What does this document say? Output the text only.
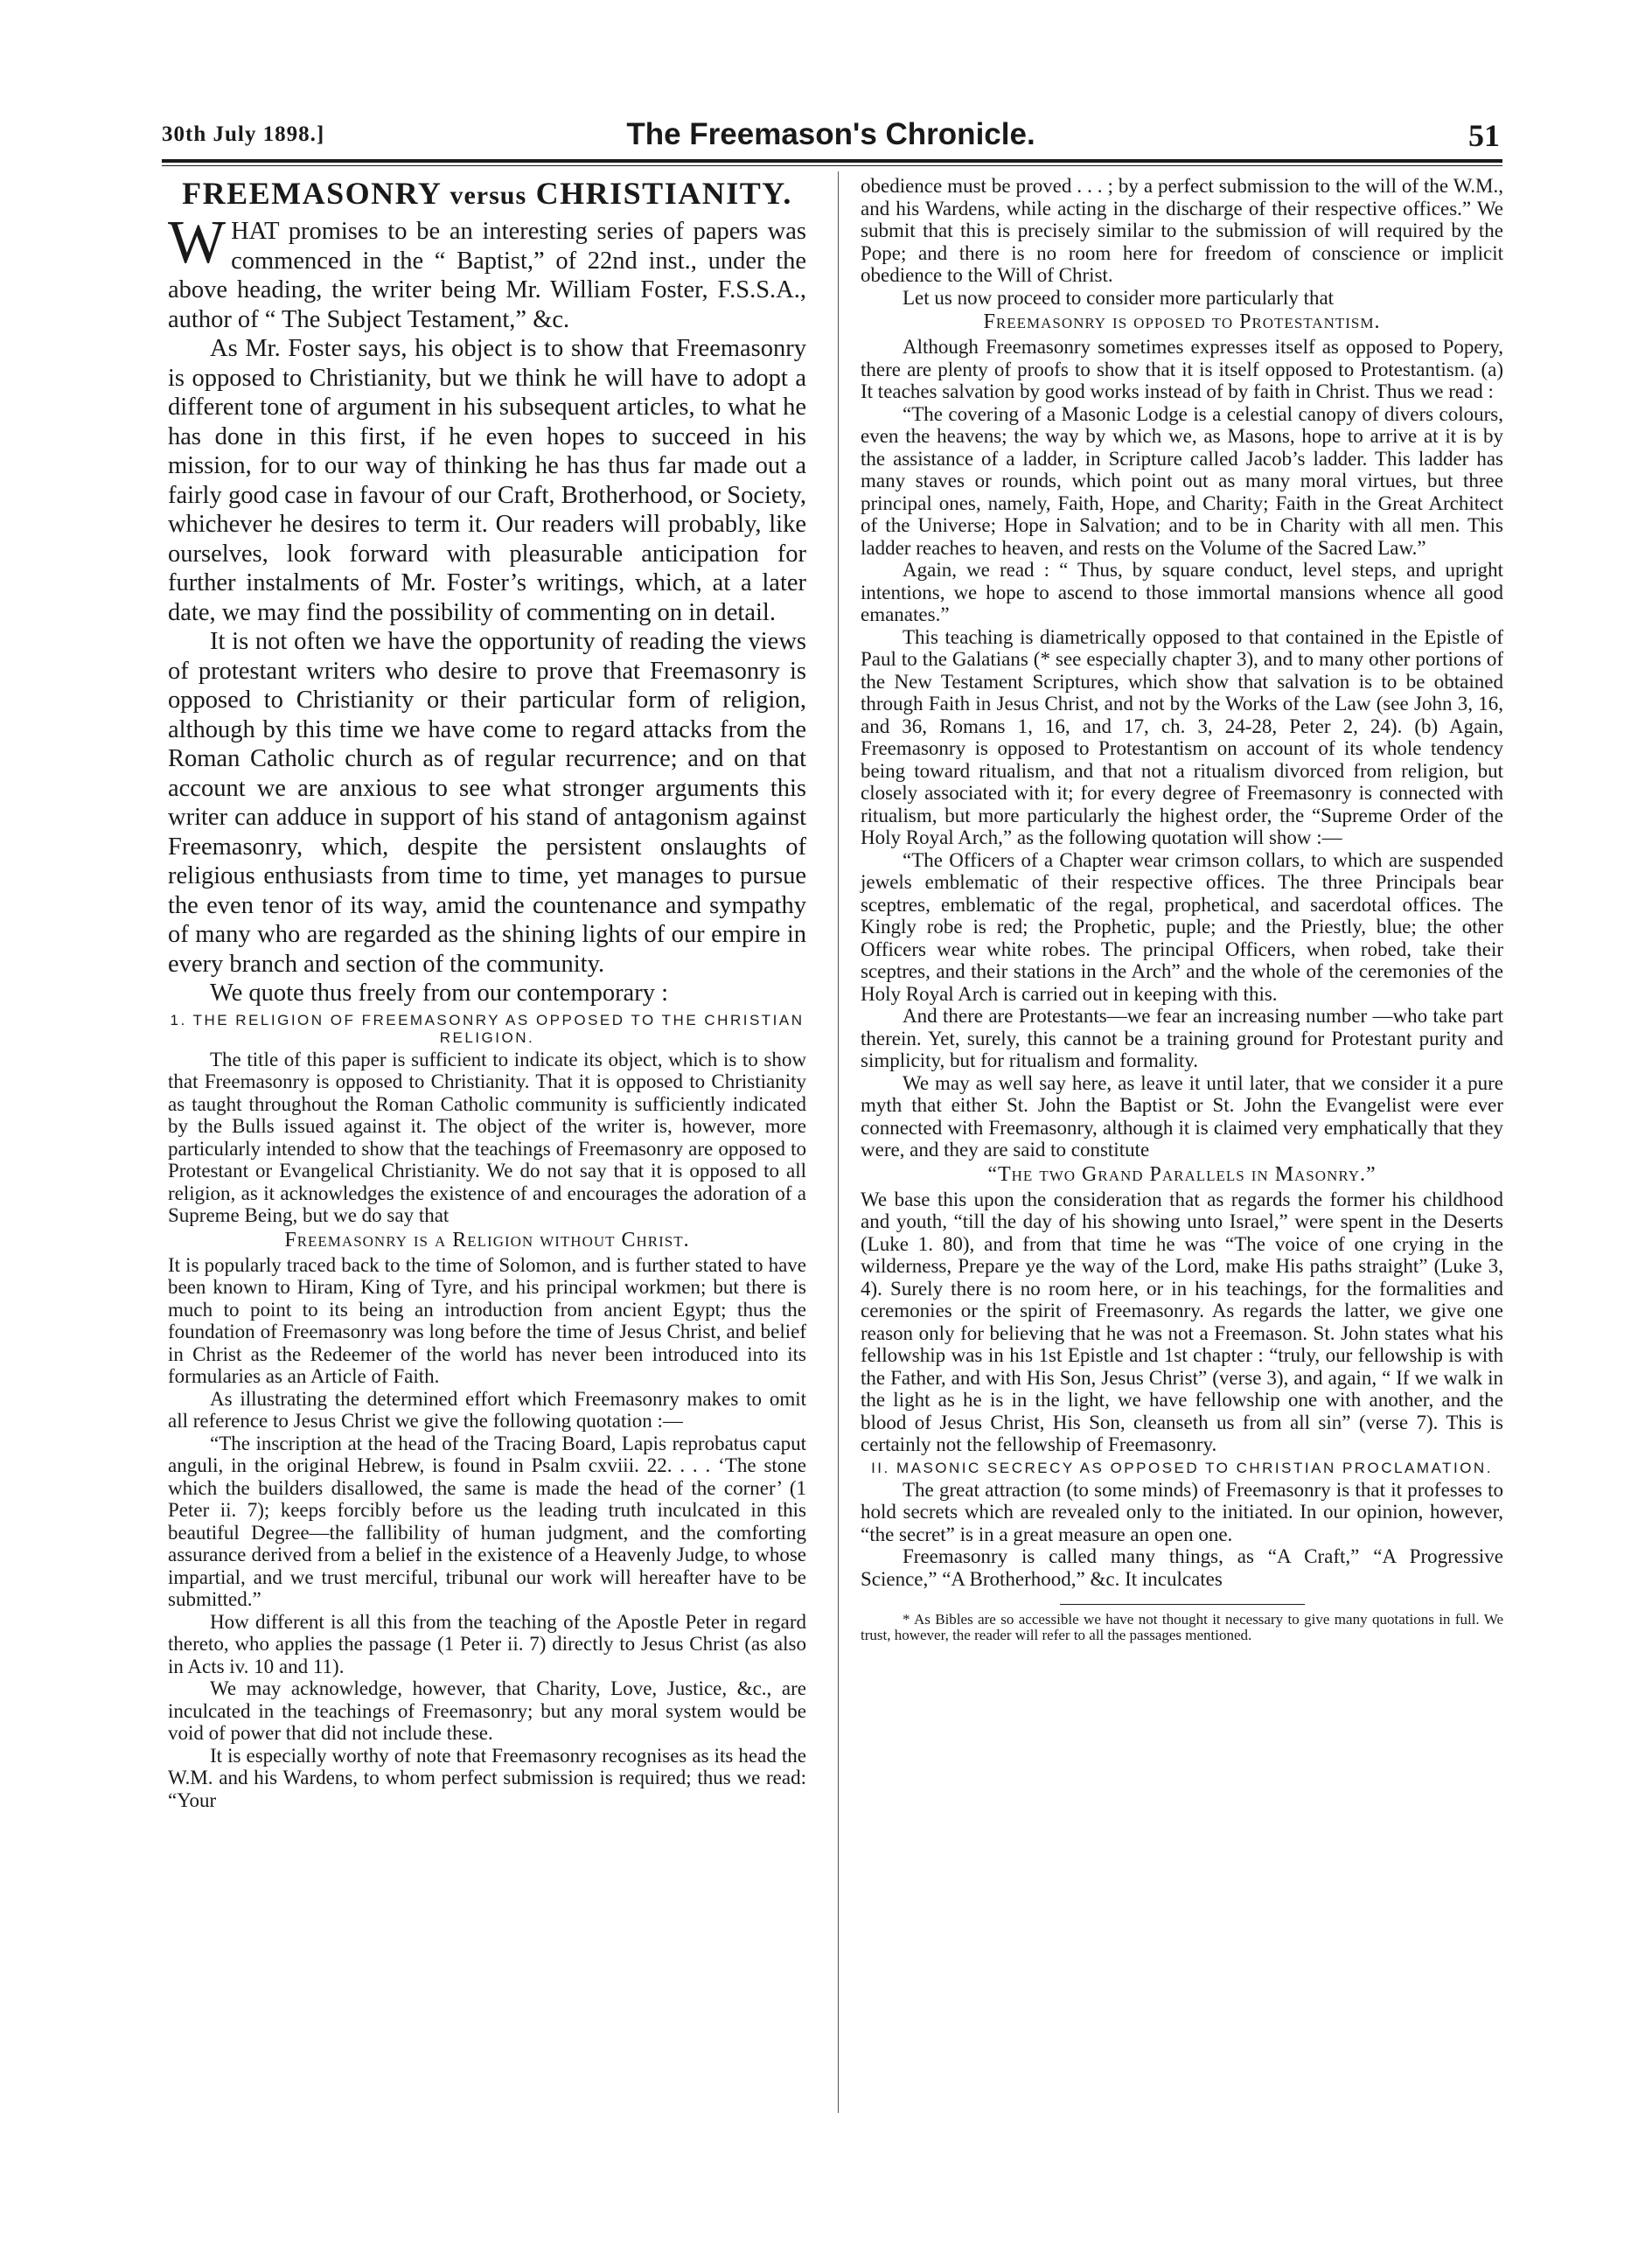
30th July 1898.]	The Freemason's Chronicle.	51
FREEMASONRY versus CHRISTIANITY.

WHAT promises to be an interesting series of papers was commenced in the “ Baptist,” of 22nd inst., under the above heading, the writer being Mr. William Foster, F.S.S.A., author of “ The Subject Testament,” &c.

As Mr. Foster says, his object is to show that Freemasonry is opposed to Christianity, but we think he will have to adopt a different tone of argument in his subsequent articles, to what he has done in this first, if he even hopes to succeed in his mission, for to our way of thinking he has thus far made out a fairly good case in favour of our Craft, Brotherhood, or Society, whichever he desires to term it. Our readers will probably, like ourselves, look forward with pleasurable anticipation for further instalments of Mr. Foster’s writings, which, at a later date, we may find the possibility of commenting on in detail.

It is not often we have the opportunity of reading the views of protestant writers who desire to prove that Freemasonry is opposed to Christianity or their particular form of religion, although by this time we have come to regard attacks from the Roman Catholic church as of regular recurrence; and on that account we are anxious to see what stronger arguments this writer can adduce in support of his stand of antagonism against Freemasonry, which, despite the persistent onslaughts of religious enthusiasts from time to time, yet manages to pursue the even tenor of its way, amid the countenance and sympathy of many who are regarded as the shining lights of our empire in every branch and section of the community.

We quote thus freely from our contemporary :

1. THE RELIGION OF FREEMASONRY AS OPPOSED TO THE CHRISTIAN RELIGION.

The title of this paper is sufficient to indicate its object, which is to show that Freemasonry is opposed to Christianity. That it is opposed to Christianity as taught throughout the Roman Catholic community is sufficiently indicated by the Bulls issued against it. The object of the writer is, however, more particularly intended to show that the teachings of Freemasonry are opposed to Protestant or Evangelical Christianity. We do not say that it is opposed to all religion, as it acknowledges the existence of and encourages the adoration of a Supreme Being, but we do say that

Freemasonry is a Religion without Christ.

It is popularly traced back to the time of Solomon, and is further stated to have been known to Hiram, King of Tyre, and his principal workmen; but there is much to point to its being an introduction from ancient Egypt; thus the foundation of Freemasonry was long before the time of Jesus Christ, and belief in Christ as the Redeemer of the world has never been introduced into its formularies as an Article of Faith.

As illustrating the determined effort which Freemasonry makes to omit all reference to Jesus Christ we give the following quotation :—

“The inscription at the head of the Tracing Board, Lapis reprobatus caput anguli, in the original Hebrew, is found in Psalm cxviii. 22. . . . ‘The stone which the builders disallowed, the same is made the head of the corner’ (1 Peter ii. 7); keeps forcibly before us the leading truth inculcated in this beautiful Degree—the fallibility of human judgment, and the comforting assurance derived from a belief in the existence of a Heavenly Judge, to whose impartial, and we trust merciful, tribunal our work will hereafter have to be submitted.”

How different is all this from the teaching of the Apostle Peter in regard thereto, who applies the passage (1 Peter ii. 7) directly to Jesus Christ (as also in Acts iv. 10 and 11).

We may acknowledge, however, that Charity, Love, Justice, &c., are inculcated in the teachings of Freemasonry; but any moral system would be void of power that did not include these.

It is especially worthy of note that Freemasonry recognises as its head the W.M. and his Wardens, to whom perfect submission is required; thus we read: “Your

obedience must be proved . . . ; by a perfect submission to the will of the W.M., and his Wardens, while acting in the discharge of their respective offices.” We submit that this is precisely similar to the submission of will required by the Pope; and there is no room here for freedom of conscience or implicit obedience to the Will of Christ.

Let us now proceed to consider more particularly that

Freemasonry is opposed to Protestantism.

Although Freemasonry sometimes expresses itself as opposed to Popery, there are plenty of proofs to show that it is itself opposed to Protestantism. (a) It teaches salvation by good works instead of by faith in Christ. Thus we read :

“The covering of a Masonic Lodge is a celestial canopy of divers colours, even the heavens; the way by which we, as Masons, hope to arrive at it is by the assistance of a ladder, in Scripture called Jacob’s ladder. This ladder has many staves or rounds, which point out as many moral virtues, but three principal ones, namely, Faith, Hope, and Charity; Faith in the Great Architect of the Universe; Hope in Salvation; and to be in Charity with all men. This ladder reaches to heaven, and rests on the Volume of the Sacred Law.”

Again, we read : “ Thus, by square conduct, level steps, and upright intentions, we hope to ascend to those immortal mansions whence all good emanates.”

This teaching is diametrically opposed to that contained in the Epistle of Paul to the Galatians (* see especially chapter 3), and to many other portions of the New Testament Scriptures, which show that salvation is to be obtained through Faith in Jesus Christ, and not by the Works of the Law (see John 3, 16, and 36, Romans 1, 16, and 17, ch. 3, 24-28, Peter 2, 24). (b) Again, Freemasonry is opposed to Protestantism on account of its whole tendency being toward ritualism, and that not a ritualism divorced from religion, but closely associated with it; for every degree of Freemasonry is connected with ritualism, but more particularly the highest order, the “Supreme Order of the Holy Royal Arch,” as the following quotation will show :—

“The Officers of a Chapter wear crimson collars, to which are suspended jewels emblematic of their respective offices. The three Principals bear sceptres, emblematic of the regal, prophetical, and sacerdotal offices. The Kingly robe is red; the Prophetic, puple; and the Priestly, blue; the other Officers wear white robes. The principal Officers, when robed, take their sceptres, and their stations in the Arch” and the whole of the ceremonies of the Holy Royal Arch is carried out in keeping with this.

And there are Protestants—we fear an increasing number —who take part therein. Yet, surely, this cannot be a training ground for Protestant purity and simplicity, but for ritualism and formality.

We may as well say here, as leave it until later, that we consider it a pure myth that either St. John the Baptist or St. John the Evangelist were ever connected with Freemasonry, although it is claimed very emphatically that they were, and they are said to constitute

“The two Grand Parallels in Masonry.”

We base this upon the consideration that as regards the former his childhood and youth, “till the day of his showing unto Israel,” were spent in the Deserts (Luke 1. 80), and from that time he was “The voice of one crying in the wilderness, Prepare ye the way of the Lord, make His paths straight” (Luke 3, 4). Surely there is no room here, or in his teachings, for the formalities and ceremonies or the spirit of Freemasonry. As regards the latter, we give one reason only for believing that he was not a Freemason. St. John states what his fellowship was in his 1st Epistle and 1st chapter : “truly, our fellowship is with the Father, and with His Son, Jesus Christ” (verse 3), and again, “ If we walk in the light as he is in the light, we have fellowship one with another, and the blood of Jesus Christ, His Son, cleanseth us from all sin” (verse 7). This is certainly not the fellowship of Freemasonry.

II. MASONIC SECRECY AS OPPOSED TO CHRISTIAN PROCLAMATION.

The great attraction (to some minds) of Freemasonry is that it professes to hold secrets which are revealed only to the initiated. In our opinion, however, “the secret” is in a great measure an open one.

Freemasonry is called many things, as “A Craft,” “A Progressive Science,” “A Brotherhood,” &c. It inculcates

* As Bibles are so accessible we have not thought it necessary to give many quotations in full. We trust, however, the reader will refer to all the passages mentioned.
